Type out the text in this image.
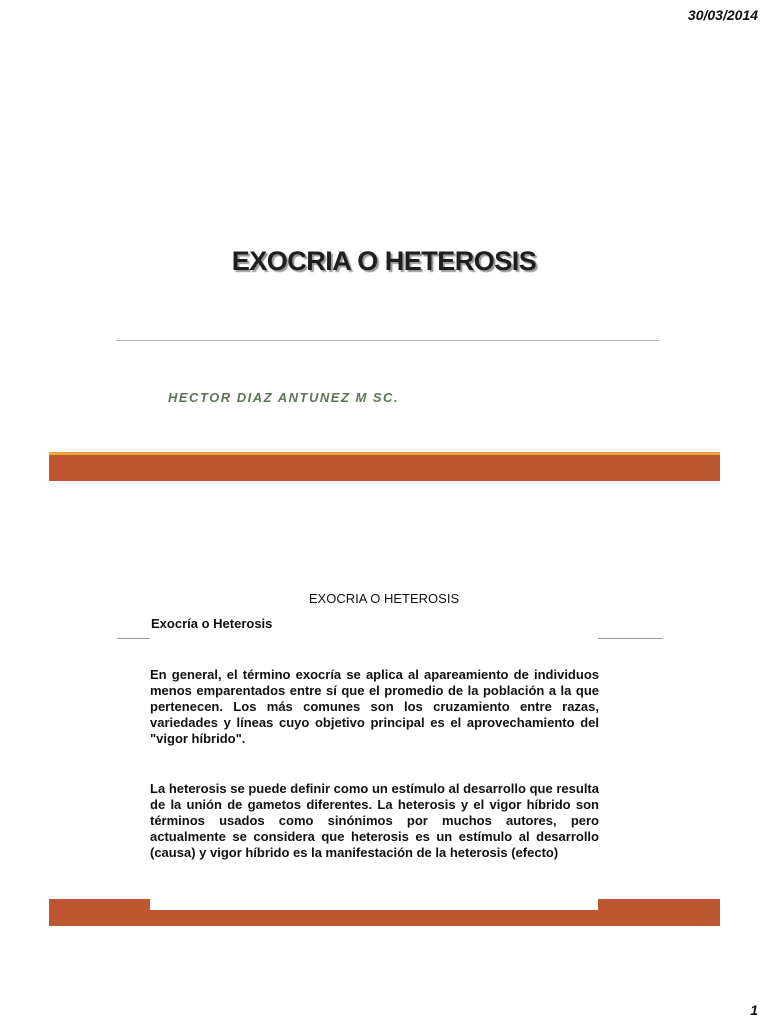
30/03/2014
EXOCRIA O HETEROSIS
HECTOR DIAZ ANTUNEZ M SC.
EXOCRIA O HETEROSIS
Exocría o Heterosis
En general, el término exocría se aplica al apareamiento de individuos menos emparentados entre sí que el promedio de la población a la que pertenecen. Los más comunes son los cruzamiento entre razas, variedades y líneas cuyo objetivo principal es el aprovechamiento del "vigor híbrido".
La heterosis se puede definir como un estímulo al desarrollo que resulta de la unión de gametos diferentes. La heterosis y el vigor híbrido son términos usados como sinónimos por muchos autores, pero actualmente se considera que heterosis es un estímulo al desarrollo (causa) y vigor híbrido es la manifestación de la heterosis (efecto)
1
